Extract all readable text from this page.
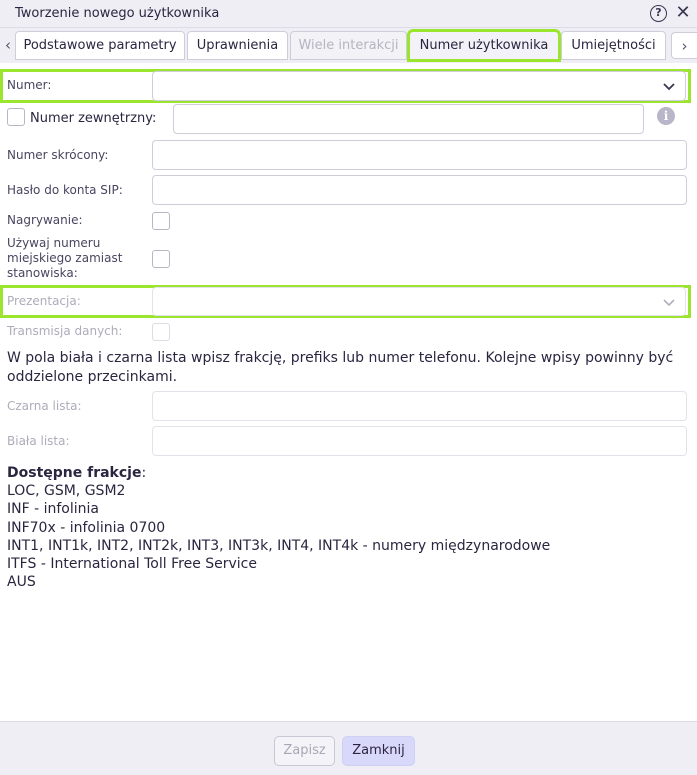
Tworzenie nowego użytkownika	? ✕
‹ Podstawowe parametry	Uprawnienia	Wiele interakcji	Numer użytkownika	Umiejętności	›
Numer:
Numer zewnętrzny:	i
Numer skrócony:
Hasło do konta SIP:
Nagrywanie:
Używaj numeru
miejskiego zamiast
stanowiska:
Prezentacja:
Transmisja danych:
W pola biała i czarna lista wpisz frakcję, prefiks lub numer telefonu. Kolejne wpisy powinny być oddzielone przecinkami.
Czarna lista:
Biała lista:
Dostępne frakcje:
LOC, GSM, GSM2
INF - infolinia
INF70x - infolinia 0700
INT1, INT1k, INT2, INT2k, INT3, INT3k, INT4, INT4k - numery międzynarodowe
ITFS - International Toll Free Service
AUS
Zapisz	Zamknij
